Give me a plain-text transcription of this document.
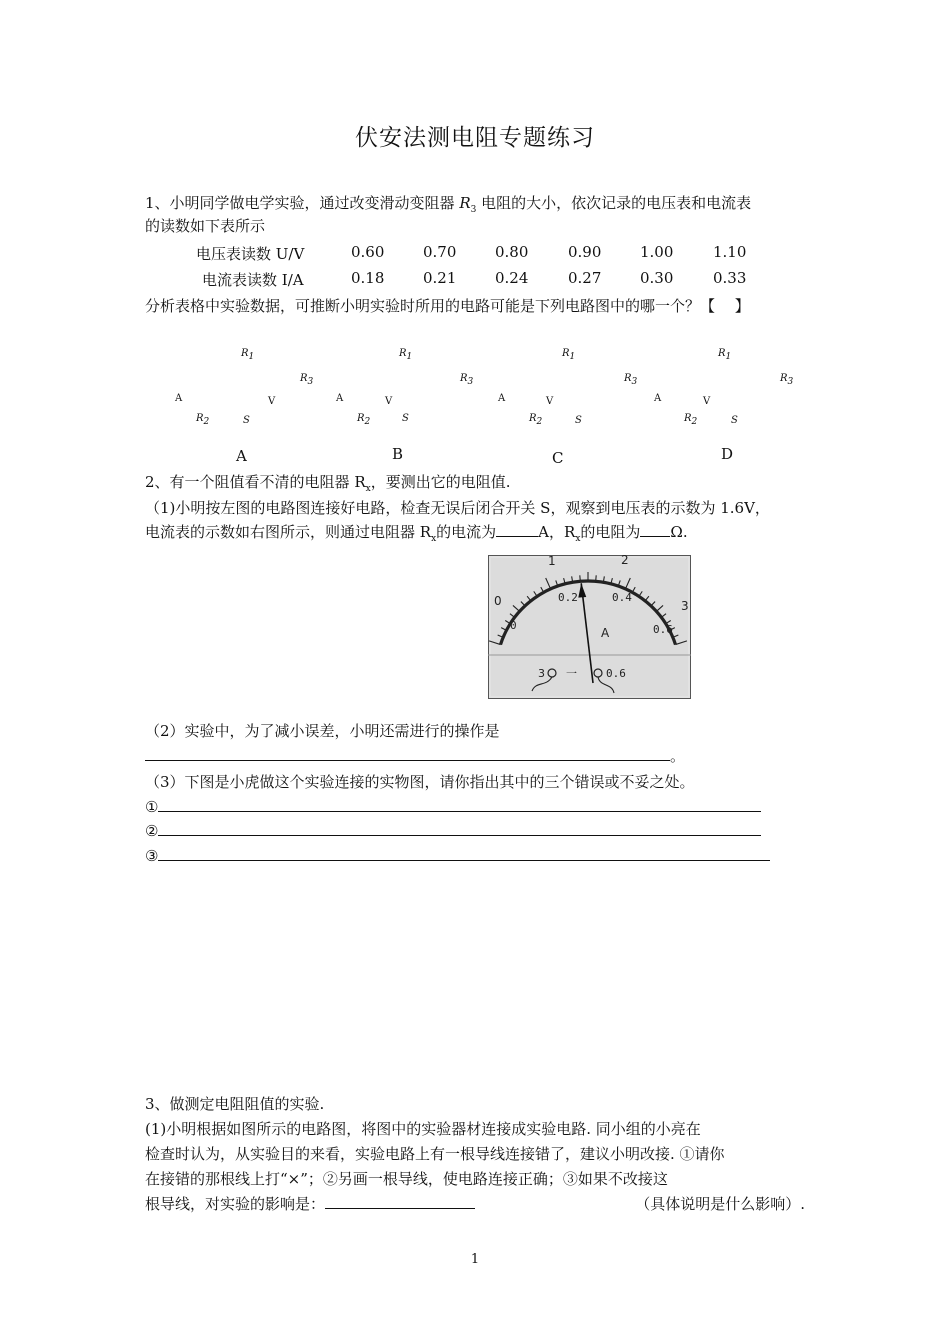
伏安法测电阻专题练习
1、小明同学做电学实验，通过改变滑动变阻器 $R_3$ 电阻的大小，依次记录的电压表和电流表
的读数如下表所示
电压表读数 U/V	0.60	0.70	0.80	0.90	1.00	1.10
电流表读数 I/A	0.18	0.21	0.24	0.27	0.30	0.33
分析表格中实验数据，可推断小明实验时所用的电路可能是下列电路图中的哪一个？【　 】
$R_1$
$R_3$
A	V
$R_2$	S
A
$R_1$
$R_3$
A	V
$R_2$	S
B
$R_1$
$R_3$
A	V
$R_2$	S
C
$R_1$
$R_3$
A	V
$R_2$	S
D
2、有一个阻值看不清的电阻器 $R_x$，要测出它的电阻值.
（1)小明按左图的电路图连接好电路，检查无误后闭合开关 S，观察到电压表的示数为 1.6V，
电流表的示数如右图所示，则通过电阻器 $R_x$的电流为	A，$R_x$的电阻为 Ω.
0
1	2
3
0
0.2	0.4
0.6
A
3 一	0.6
（2）实验中，为了减小误差，小明还需进行的操作是
。
（3）下图是小虎做这个实验连接的实物图，请你指出其中的三个错误或不妥之处。
①
②
③
3、做测定电阻阻值的实验.
(1)小明根据如图所示的电路图，将图中的实验器材连接成实验电路. 同小组的小亮在
检查时认为，从实验目的来看，实验电路上有一根导线连接错了，建议小明改接. ①请你
在接错的那根线上打“×”；②另画一根导线，使电路连接正确；③如果不改接这
根导线，对实验的影响是：	（具体说明是什么影响）.
1
